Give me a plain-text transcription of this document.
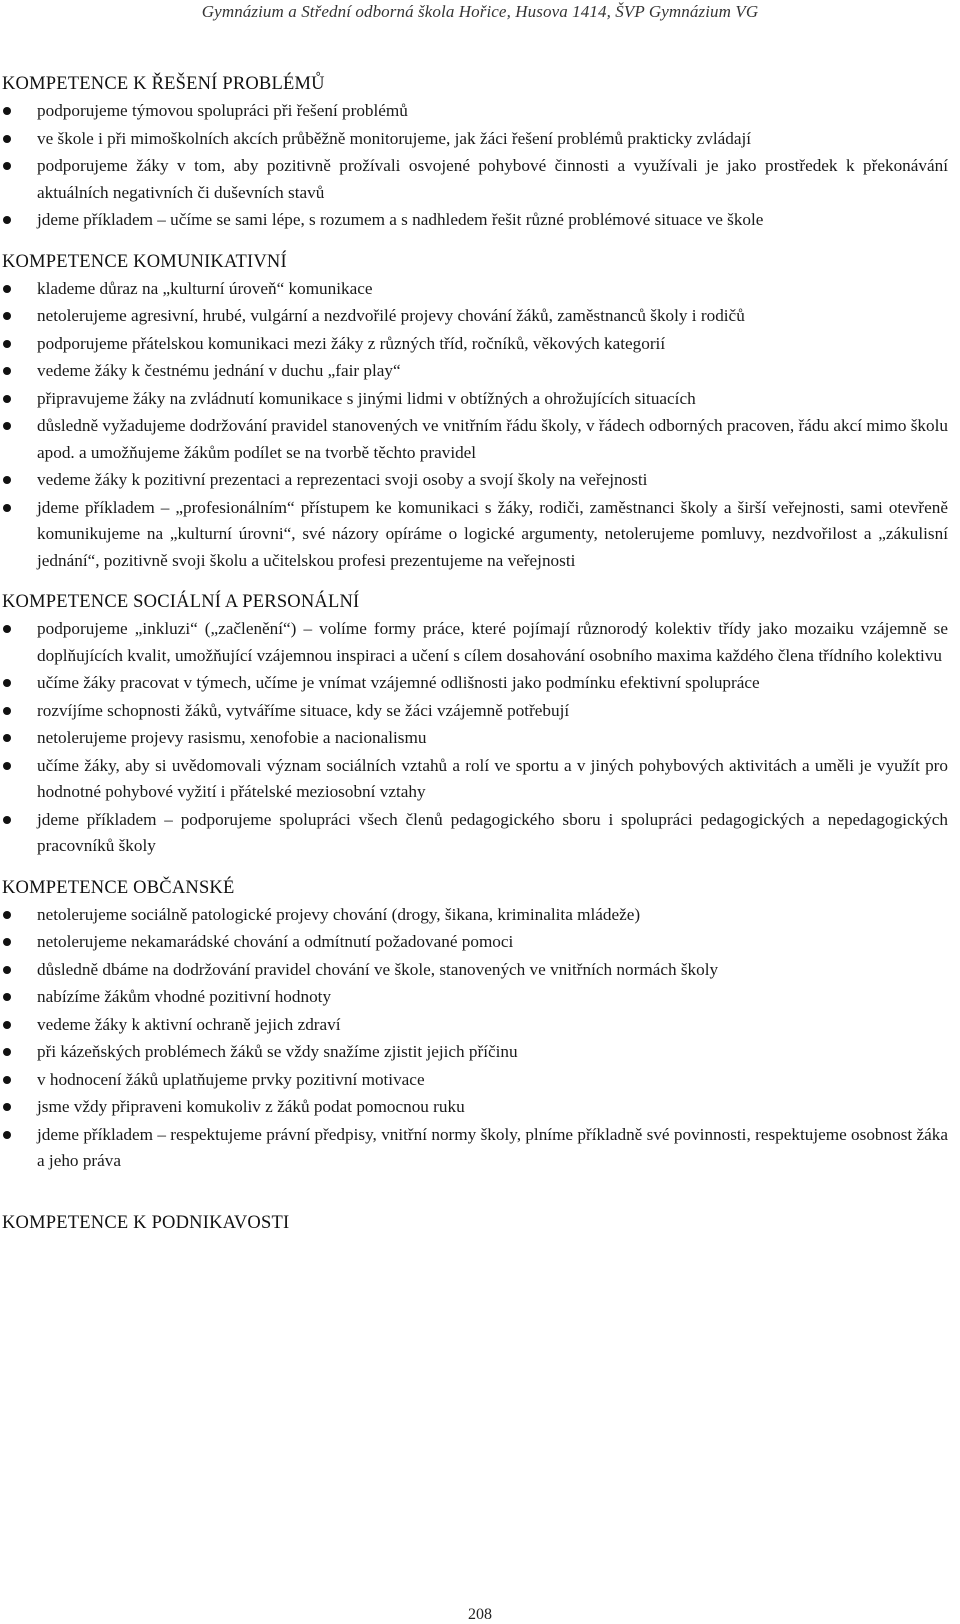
Gymnázium a Střední odborná škola Hořice, Husova 1414, ŠVP Gymnázium VG
KOMPETENCE K ŘEŠENÍ PROBLÉMŮ
podporujeme týmovou spolupráci při řešení problémů
ve škole i při mimoškolních akcích průběžně monitorujeme, jak žáci řešení problémů prakticky zvládají
podporujeme žáky v tom, aby pozitivně prožívali osvojené pohybové činnosti a využívali je jako prostředek k překonávání aktuálních negativních či duševních stavů
jdeme příkladem – učíme se sami lépe, s rozumem a s nadhledem řešit různé problémové situace ve škole
KOMPETENCE KOMUNIKATIVNÍ
klademe důraz na „kulturní úroveň“ komunikace
netolerujeme agresivní, hrubé, vulgární a nezdvořilé projevy chování žáků, zaměstnanců školy i rodičů
podporujeme přátelskou komunikaci mezi žáky z různých tříd, ročníků, věkových kategorií
vedeme žáky k čestnému jednání v duchu „fair play“
připravujeme žáky na zvládnutí komunikace s jinými lidmi v obtížných a ohrožujících situacích
důsledně vyžadujeme dodržování pravidel stanovených ve vnitřním řádu školy, v řádech odborných pracoven, řádu akcí mimo školu apod. a umožňujeme žákům podílet se na tvorbě těchto pravidel
vedeme žáky k pozitivní prezentaci a reprezentaci svoji osoby a svojí školy na veřejnosti
jdeme příkladem – „profesionálním“ přístupem ke komunikaci s žáky, rodiči, zaměstnanci školy a širší veřejnosti, sami otevřeně komunikujeme na „kulturní úrovni“, své názory opíráme o logické argumenty, netolerujeme pomluvy, nezdvořilost a „zákulisní jednání“, pozitivně svoji školu a učitelskou profesi prezentujeme na veřejnosti
KOMPETENCE SOCIÁLNÍ A PERSONÁLNÍ
podporujeme „inkluzi“ („začlenění“) – volíme formy práce, které pojímají různorodý kolektiv třídy jako mozaiku vzájemně se doplňujících kvalit, umožňující vzájemnou inspiraci a učení s cílem dosahování osobního maxima každého člena třídního kolektivu
učíme žáky pracovat v týmech, učíme je vnímat vzájemné odlišnosti jako podmínku efektivní spolupráce
rozvíjíme schopnosti žáků, vytváříme situace, kdy se žáci vzájemně potřebují
netolerujeme projevy rasismu, xenofobie a nacionalismu
učíme žáky, aby si uvědomovali význam sociálních vztahů a rolí ve sportu a v jiných pohybových aktivitách a uměli je využít pro hodnotné pohybové vyžití i přátelské meziosobní vztahy
jdeme příkladem – podporujeme spolupráci všech členů pedagogického sboru i spolupráci pedagogických a nepedagogických pracovníků školy
KOMPETENCE OBČANSKÉ
netolerujeme sociálně patologické projevy chování (drogy, šikana, kriminalita mládeže)
netolerujeme nekamarádské chování a odmítnutí požadované pomoci
důsledně dbáme na dodržování pravidel chování ve škole, stanovených ve vnitřních normách školy
nabízíme žákům vhodné pozitivní hodnoty
vedeme žáky k aktivní ochraně jejich zdraví
při kázeňských problémech žáků se vždy snažíme zjistit jejich příčinu
v hodnocení žáků uplatňujeme prvky pozitivní motivace
jsme vždy připraveni komukoliv z žáků podat pomocnou ruku
jdeme příkladem – respektujeme právní předpisy, vnitřní normy školy, plníme příkladně své povinnosti, respektujeme osobnost žáka a jeho práva
KOMPETENCE K PODNIKAVOSTI
208
